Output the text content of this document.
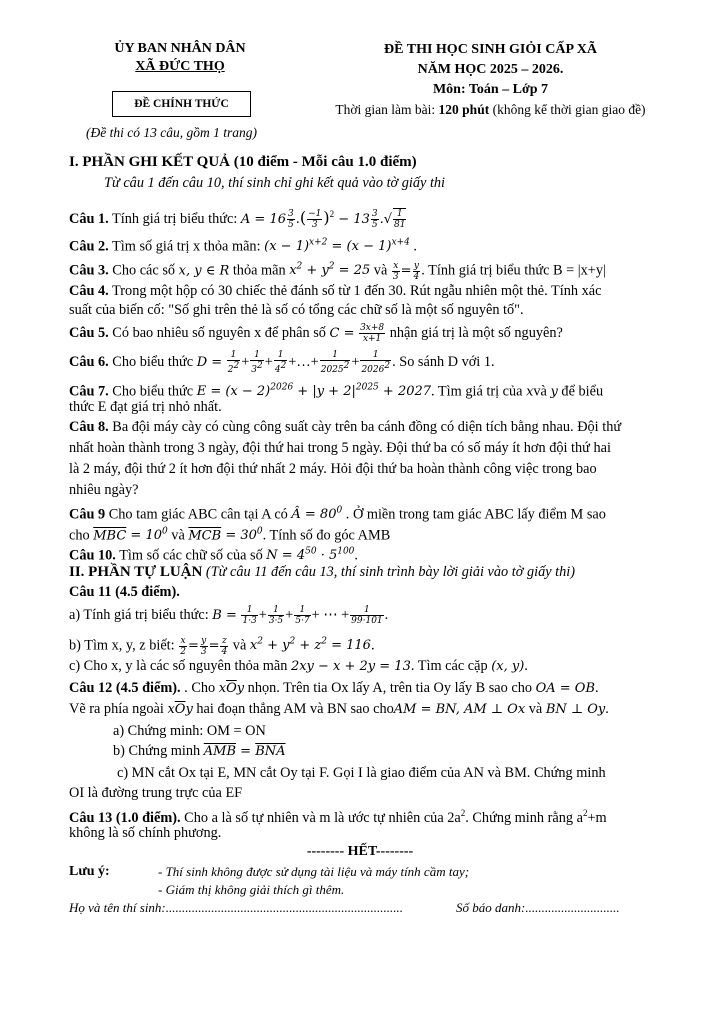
ỦY BAN NHÂN DÂN
XÃ ĐỨC THỌ
ĐỀ CHÍNH THỨC
(Đề thi có 13 câu, gồm 1 trang)
ĐỀ THI HỌC SINH GIỎI CẤP XÃ
NĂM HỌC 2025 – 2026.
Môn: Toán – Lớp 7
Thời gian làm bài: 120 phút (không kể thời gian giao đề)
I. PHẦN GHI KẾT QUẢ (10 điểm - Mỗi câu 1.0 điểm)
Từ câu 1 đến câu 10, thí sinh chỉ ghi kết quả vào tờ giấy thi
Câu 1. Tính giá trị biểu thức: $A = 16 \frac{3}{5}$ .( $\frac{-1}{3} )^2 - 13 \frac{3}{5}$ .√ $\frac{1}{81}$
Câu 2. Tìm số giá trị x thỏa mãn: $(x - 1)^{x+2} = (x - 1)^{x+4}$ .
Câu 3. Cho các số x, y ∈ R thỏa mãn $x^2 + y^2 = 25$ và $\frac{x}{3} = \frac{y}{4}$ . Tính giá trị biểu thức B = |x+y|
Câu 4. Trong một hộp có 30 chiếc thẻ đánh số từ 1 đến 30. Rút ngẫu nhiên một thẻ. Tính xác
suất của biến cố: "Số ghi trên thẻ là số có tổng các chữ số là một số nguyên tố".
Câu 5. Có bao nhiêu số nguyên x để phân số $C = \frac{3x+8}{x+1}$ nhận giá trị là một số nguyên?
Câu 6. Cho biểu thức $D = \frac{1}{2^2} + \frac{1}{3^2} + \frac{1}{4^2}$ +…+ $\frac{1}{2025^2} + \frac{1}{2026^2}$ . So sánh D với 1.
Câu 7. Cho biểu thức $E = (x - 2)^{2026} + |y + 2|^{2025} + 2027$. Tìm giá trị của xvà y để biểu
thức E đạt giá trị nhỏ nhất.
Câu 8. Ba đội máy cày có cùng công suất cày trên ba cánh đồng có diện tích bằng nhau. Đội thứ
nhất hoàn thành trong 3 ngày, đội thứ hai trong 5 ngày. Đội thứ ba có số máy ít hơn đội thứ hai
là 2 máy, đội thứ 2 ít hơn đội thứ nhất 2 máy. Hỏi đội thứ ba hoàn thành công việc trong bao
nhiêu ngày?
Câu 9 Cho tam giác ABC cân tại A có Â = $80^0$ . Ở miền trong tam giác ABC lấy điểm M sao
cho $\overline{MBC} = 10^0$ và $\overline{MCB} = 30^0$. Tính số đo góc AMB
Câu 10. Tìm số các chữ số của số $N = 4^{50} \cdot 5^{100}$.
II. PHẦN TỰ LUẬN (Từ câu 11 đến câu 13, thí sinh trình bày lời giải vào tờ giấy thi)
Câu 11 (4.5 điểm).
a) Tính giá trị biểu thức: $B = \frac{1}{1\cdot 3} + \frac{1}{3\cdot 5} + \frac{1}{5\cdot 7}$ + ⋯ + $\frac{1}{99\cdot 101}$ .
b) Tìm x, y, z biết: $\frac{x}{2} = \frac{y}{3} = \frac{z}{4}$ và $x^2 + y^2 + z^2 = 116$.
c) Cho x, y là các số nguyên thỏa mãn 2xy − x + 2y = 13. Tìm các cặp (x, y).
Câu 12 (4.5 điểm). . Cho $x\overline{O}y$ nhọn. Trên tia Ox lấy A, trên tia Oy lấy B sao cho OA = OB.
Vẽ ra phía ngoài $x\overline{O}y$ hai đoạn thẳng AM và BN sao choAM = BN, AM ⊥ Ox và BN ⊥ Oy.
a) Chứng minh: OM = ON
b) Chứng minh $\overline{AMB} = \overline{BNA}$
c) MN cắt Ox tại E, MN cắt Oy tại F. Gọi I là giao điểm của AN và BM. Chứng minh
OI là đường trung trực của EF
Câu 13 (1.0 điểm). Cho a là số tự nhiên và m là ước tự nhiên của $2a^2$. Chứng minh rằng $a^2+m$
không là số chính phương.
-------- HẾT--------
Lưu ý:	- Thí sinh không được sử dụng tài liệu và máy tính cầm tay;
- Giám thị không giải thích gì thêm.
Họ và tên thí sinh:.........................................................................	Số báo danh:.............................
